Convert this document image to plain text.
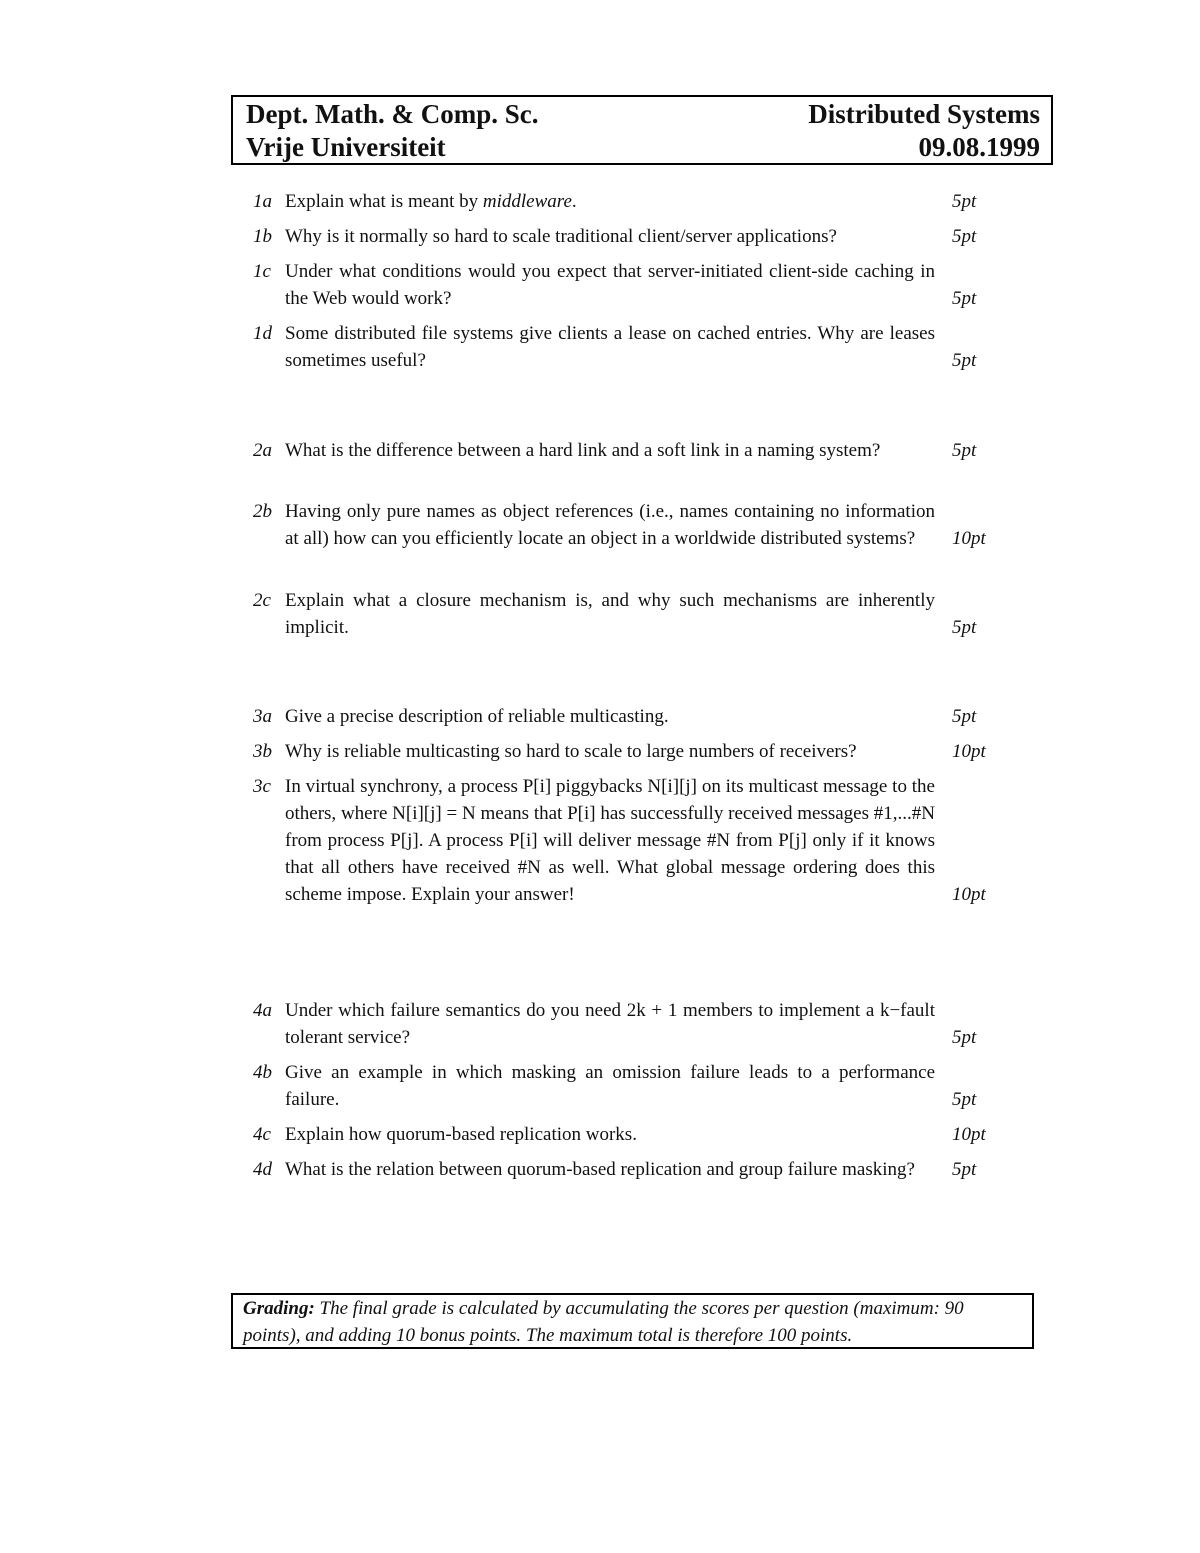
Dept. Math. & Comp. Sc.	Distributed Systems
Vrije Universiteit	09.08.1999
1a Explain what is meant by middleware.	5pt
1b Why is it normally so hard to scale traditional client/server applications?	5pt
1c Under what conditions would you expect that server-initiated client-side caching in the Web would work?	5pt
1d Some distributed file systems give clients a lease on cached entries. Why are leases sometimes useful?	5pt
2a What is the difference between a hard link and a soft link in a naming system?	5pt
2b Having only pure names as object references (i.e., names containing no information at all) how can you efficiently locate an object in a worldwide distributed systems?	10pt
2c Explain what a closure mechanism is, and why such mechanisms are inherently implicit.	5pt
3a Give a precise description of reliable multicasting.	5pt
3b Why is reliable multicasting so hard to scale to large numbers of receivers?	10pt
3c In virtual synchrony, a process P[i] piggybacks N[i][j] on its multicast message to the others, where N[i][j] = N means that P[i] has successfully received messages #1,...#N from process P[j]. A process P[i] will deliver message #N from P[j] only if it knows that all others have received #N as well. What global message ordering does this scheme impose. Explain your answer!	10pt
4a Under which failure semantics do you need 2k + 1 members to implement a k−fault tolerant service?	5pt
4b Give an example in which masking an omission failure leads to a performance failure.	5pt
4c Explain how quorum-based replication works.	10pt
4d What is the relation between quorum-based replication and group failure masking?	5pt
Grading: The final grade is calculated by accumulating the scores per question (maximum: 90 points), and adding 10 bonus points. The maximum total is therefore 100 points.
